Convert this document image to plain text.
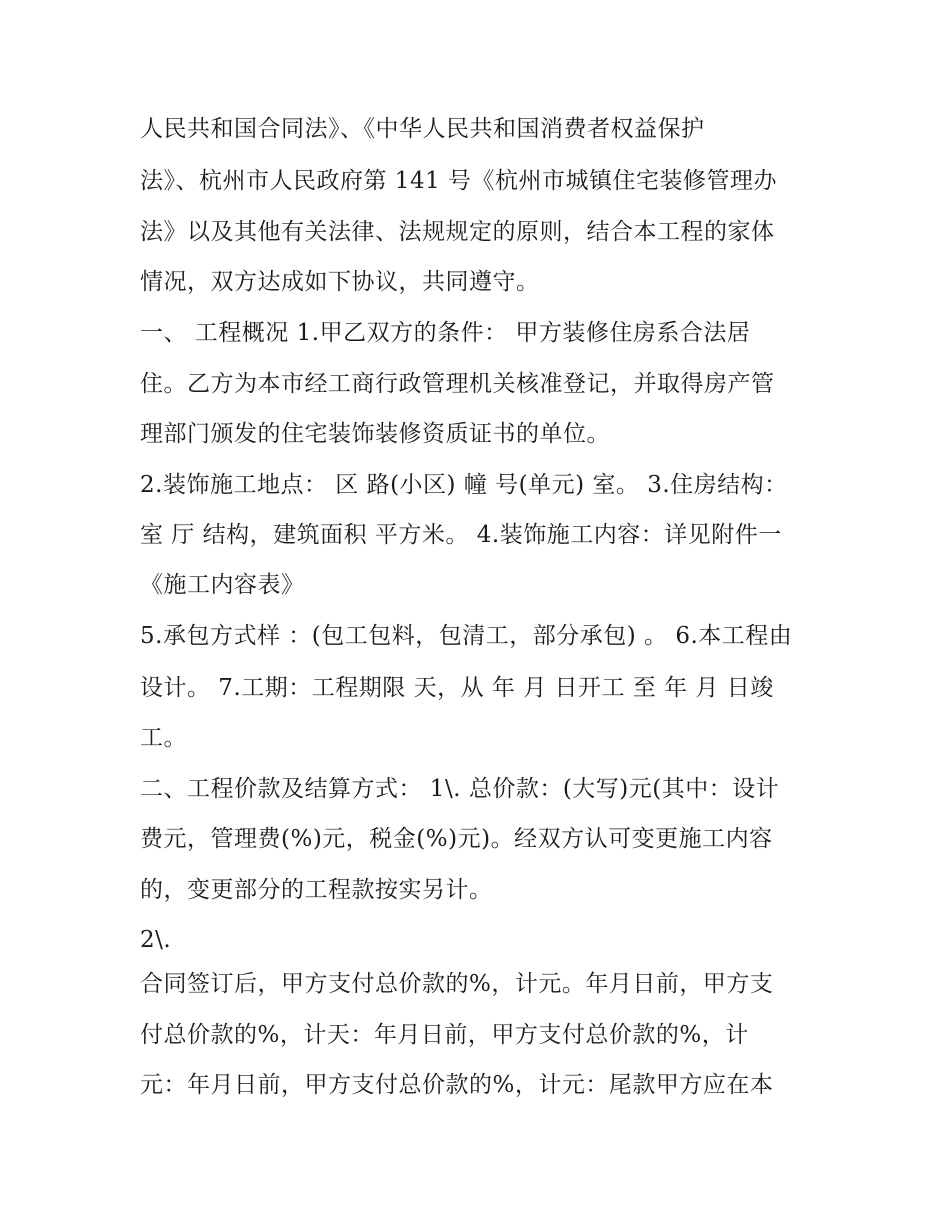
人民共和国合同法》、《中华人民共和国消费者权益保护

法》、杭州市人民政府第 141 号《杭州市城镇住宅装修管理办

法》以及其他有关法律、法规规定的原则，结合本工程的家体

情况，双方达成如下协议，共同遵守。

一、 工程概况 1.甲乙双方的条件： 甲方装修住房系合法居

住。乙方为本市经工商行政管理机关核准登记，并取得房产管

理部门颁发的住宅装饰装修资质证书的单位。

2.装饰施工地点： 区 路(小区) 幢 号(单元) 室。 3.住房结构：

室 厅 结构，建筑面积 平方米。 4.装饰施工内容：详见附件一

《施工内容表》

5.承包方式样 ：(包工包料，包清工，部分承包) 。 6.本工程由

设计。 7.工期：工程期限 天，从 年 月 日开工 至 年 月 日竣

工。

二、工程价款及结算方式： 1\. 总价款：(大写)元(其中：设计

费元，管理费(%)元，税金(%)元)。经双方认可变更施工内容

的，变更部分的工程款按实另计。

2\.

合同签订后，甲方支付总价款的%，计元。年月日前，甲方支

付总价款的%，计天：年月日前，甲方支付总价款的%，计

元：年月日前，甲方支付总价款的%，计元：尾款甲方应在本
